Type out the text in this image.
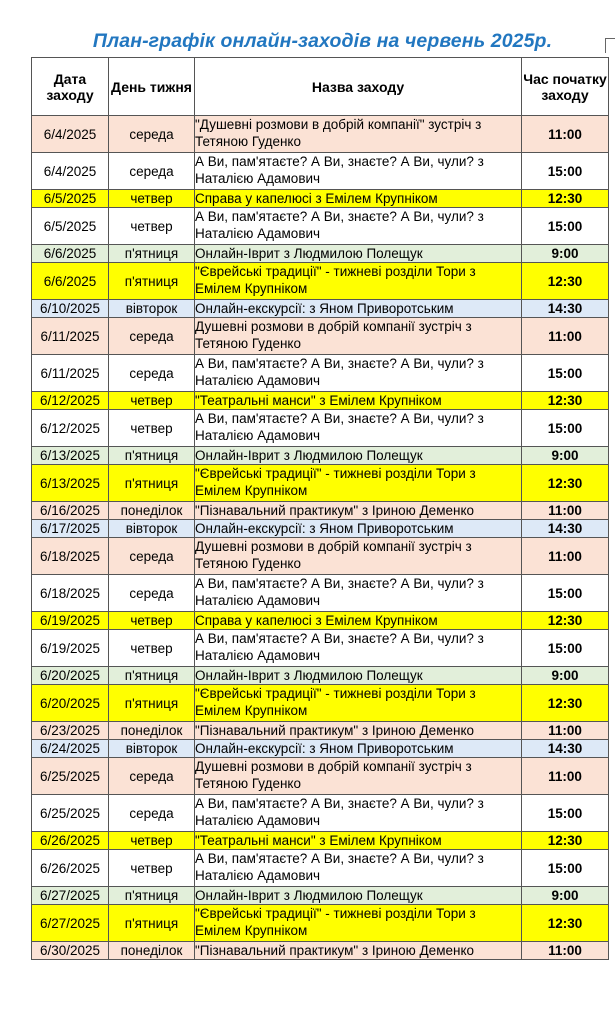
План-графік онлайн-заходів на червень 2025р.
Дата заходу	День тижня	Назва заходу	Час початку заходу
6/4/2025	середа	"Душевні розмови в добрій компанії" зустріч з Тетяною Гуденко	11:00
6/4/2025	середа	А Ви, пам'ятаєте? А Ви, знаєте? А Ви, чули? з Наталією Адамович	15:00
6/5/2025	четвер	Справа у капелюсі з Емілем Крупніком	12:30
6/5/2025	четвер	А Ви, пам'ятаєте? А Ви, знаєте? А Ви, чули? з Наталією Адамович	15:00
6/6/2025	п'ятниця	Онлайн-Іврит з Людмилою Полещук	9:00
6/6/2025	п'ятниця	"Єврейські традиції" - тижневі розділи Тори з Емілем Крупніком	12:30
6/10/2025	вівторок	Онлайн-екскурсії: з Яном Приворотським	14:30
6/11/2025	середа	Душевні розмови в добрій компанії зустріч з Тетяною Гуденко	11:00
6/11/2025	середа	А Ви, пам'ятаєте? А Ви, знаєте? А Ви, чули? з Наталією Адамович	15:00
6/12/2025	четвер	"Театральні манси" з Емілем Крупніком	12:30
6/12/2025	четвер	А Ви, пам'ятаєте? А Ви, знаєте? А Ви, чули? з Наталією Адамович	15:00
6/13/2025	п'ятниця	Онлайн-Іврит з Людмилою Полещук	9:00
6/13/2025	п'ятниця	"Єврейські традиції" - тижневі розділи Тори з Емілем Крупніком	12:30
6/16/2025	понеділок	"Пізнавальний практикум" з Іриною Деменко	11:00
6/17/2025	вівторок	Онлайн-екскурсії: з Яном Приворотським	14:30
6/18/2025	середа	Душевні розмови в добрій компанії зустріч з Тетяною Гуденко	11:00
6/18/2025	середа	А Ви, пам'ятаєте? А Ви, знаєте? А Ви, чули? з Наталією Адамович	15:00
6/19/2025	четвер	Справа у капелюсі з Емілем Крупніком	12:30
6/19/2025	четвер	А Ви, пам'ятаєте? А Ви, знаєте? А Ви, чули? з Наталією Адамович	15:00
6/20/2025	п'ятниця	Онлайн-Іврит з Людмилою Полещук	9:00
6/20/2025	п'ятниця	"Єврейські традиції" - тижневі розділи Тори з Емілем Крупніком	12:30
6/23/2025	понеділок	"Пізнавальний практикум" з Іриною Деменко	11:00
6/24/2025	вівторок	Онлайн-екскурсії: з Яном Приворотським	14:30
6/25/2025	середа	Душевні розмови в добрій компанії зустріч з Тетяною Гуденко	11:00
6/25/2025	середа	А Ви, пам'ятаєте? А Ви, знаєте? А Ви, чули? з Наталією Адамович	15:00
6/26/2025	четвер	"Театральні манси" з Емілем Крупніком	12:30
6/26/2025	четвер	А Ви, пам'ятаєте? А Ви, знаєте? А Ви, чули? з Наталією Адамович	15:00
6/27/2025	п'ятниця	Онлайн-Іврит з Людмилою Полещук	9:00
6/27/2025	п'ятниця	"Єврейські традиції" - тижневі розділи Тори з Емілем Крупніком	12:30
6/30/2025	понеділок	"Пізнавальний практикум" з Іриною Деменко	11:00
